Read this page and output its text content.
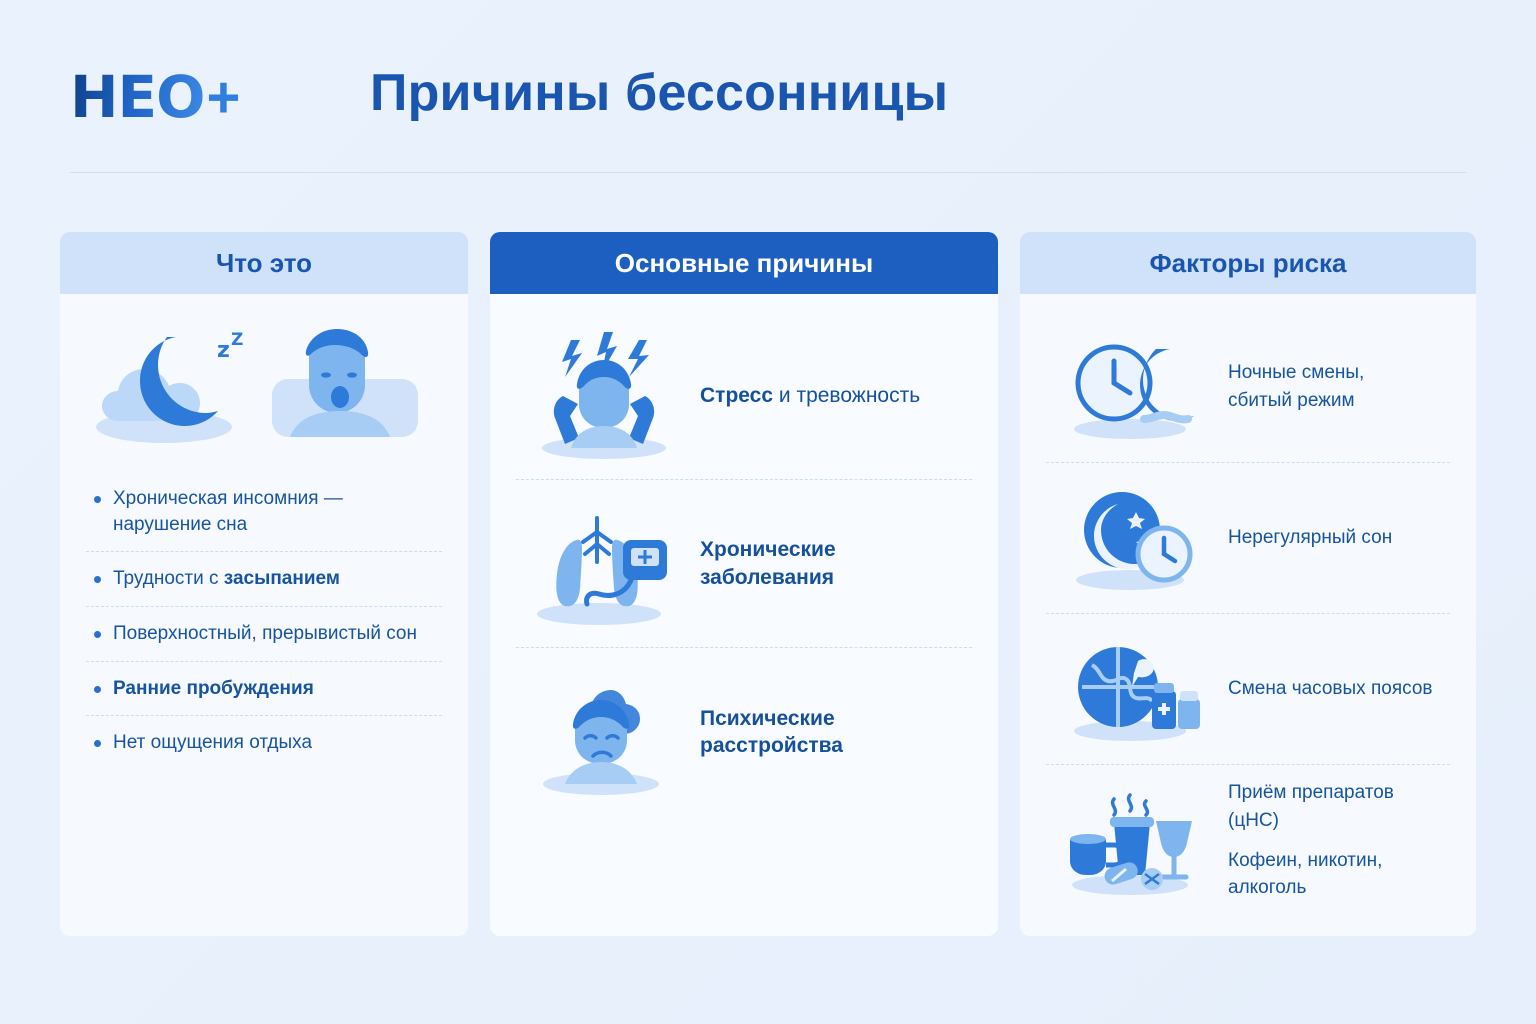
HEO + Причины бессонницы
Что это
z Z
Хроническая инсомния — нарушение сна
Трудности с засыпанием
Поверхностный, прерывистый сон
Ранние пробуждения
Нет ощущения отдыха
Основные причины
Стресс и тревожность
Хронические заболевания
Психические расстройства
Факторы риска
Ночные смены,
сбитый режим
Нерегулярный сон
Смена часовых поясов
Приём препаратов (цНС)
Кофеин, никотин, алкоголь
